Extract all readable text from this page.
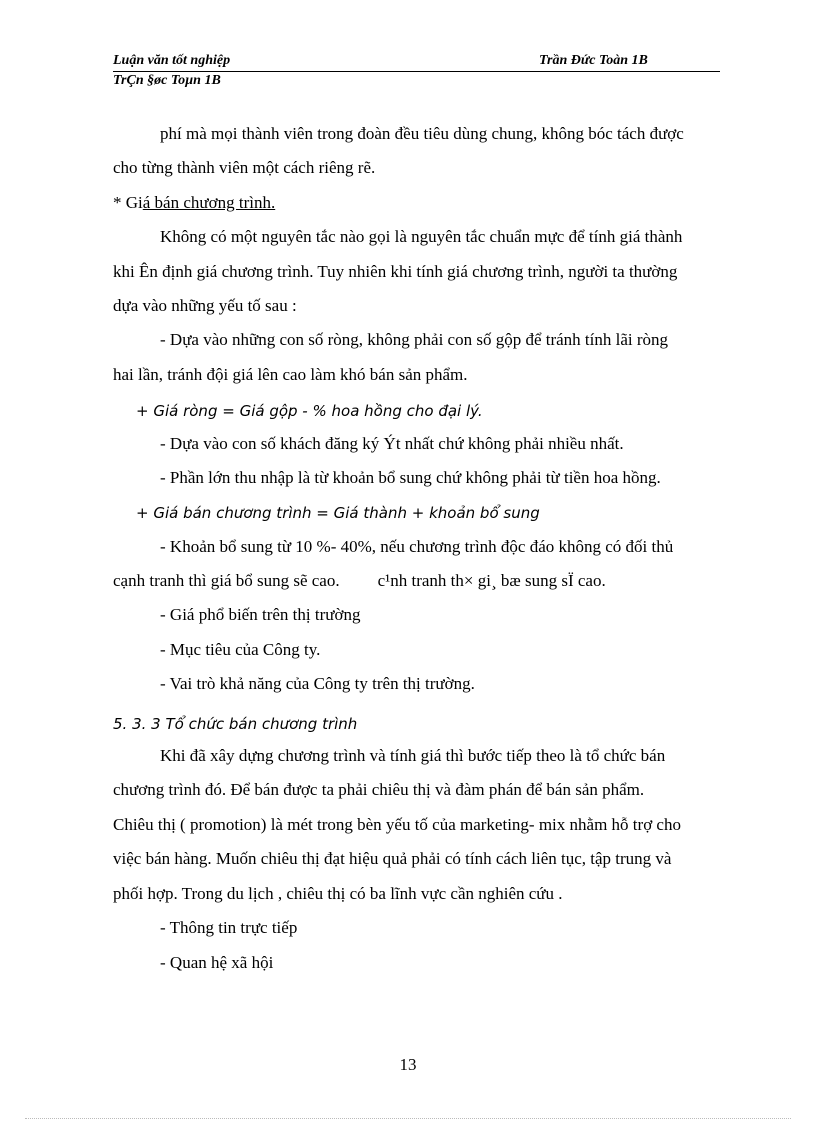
Luận văn tốt nghiệp	Trần Đức Toàn 1B
TrÇn §øc Toµn 1B
phí mà mọi thành viên trong đoàn đều tiêu dùng chung, không bóc tách được
cho từng thành viên một cách riêng rẽ.
* Giá bán chương trình.
Không có một nguyên tắc nào gọi là nguyên tắc chuẩn mực để tính giá thành
khi Ên định giá chương trình. Tuy nhiên khi tính giá chương trình, người ta thường
dựa vào những yếu tố sau :
- Dựa vào những con số ròng, không phải con số gộp để tránh tính lãi ròng
hai lần, tránh đội giá lên cao làm khó bán sản phẩm.
+ Giá ròng = Giá gộp - % hoa hồng cho đại lý.
- Dựa vào con số khách đăng ký Ýt nhất chứ không phải nhiều nhất.
- Phần lớn thu nhập là từ khoản bổ sung chứ không phải từ tiền hoa hồng.
+ Giá bán chương trình = Giá thành + khoản bổ sung
- Khoản bổ sung từ 10 %- 40%, nếu chương trình độc đáo không có đối thủ
cạnh tranh thì giá bổ sung sẽ cao. c¹nh tranh th× gi¸ bæ sung sÏ cao.
- Giá phổ biến trên thị trường
- Mục tiêu của Công ty.
- Vai trò khả năng của Công ty trên thị trường.
5. 3. 3 Tổ chức bán chương trình
Khi đã xây dựng chương trình và tính giá thì bước tiếp theo là tổ chức bán
chương trình đó. Để bán được ta phải chiêu thị và đàm phán để bán sản phẩm.
Chiêu thị ( promotion) là mét trong bèn yếu tố của marketing- mix nhằm hỗ trợ cho
việc bán hàng. Muốn chiêu thị đạt hiệu quả phải có tính cách liên tục, tập trung và
phối hợp. Trong du lịch , chiêu thị có ba lĩnh vực cần nghiên cứu .
- Thông tin trực tiếp
- Quan hệ xã hội
13
